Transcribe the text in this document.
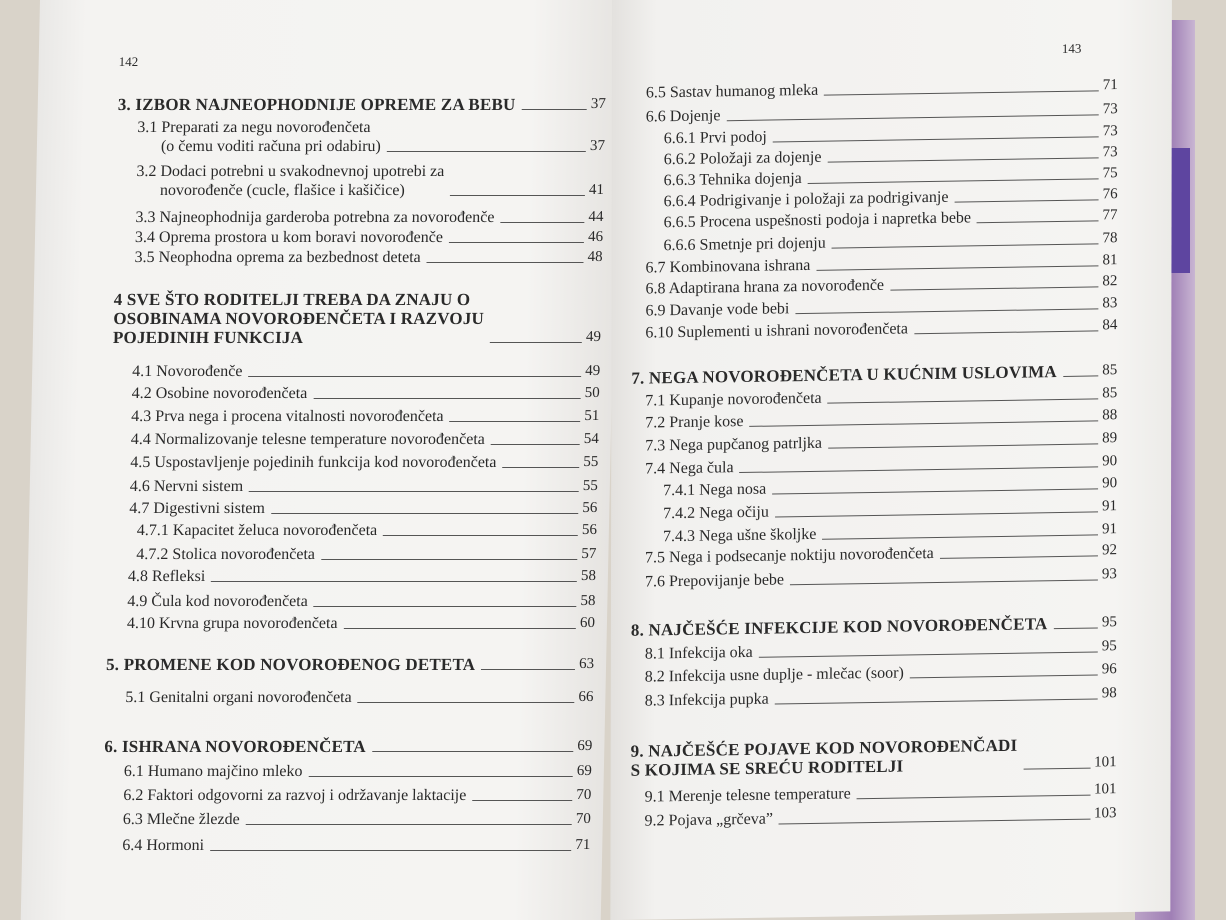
142
3. IZBOR NAJNEOPHODNIJE OPREME ZA BEBU	37
3.1 Preparati za negu novorođenčeta
(o čemu voditi računa pri odabiru)	37
3.2 Dodaci potrebni u svakodnevnoj upotrebi za
novorođenče (cucle, flašice i kašičice)	41
3.3 Najneophodnija garderoba potrebna za novorođenče	44
3.4 Oprema prostora u kom boravi novorođenče	46
3.5 Neophodna oprema za bezbednost deteta	48
4 SVE ŠTO RODITELJI TREBA DA ZNAJU O
OSOBINAMA NOVOROĐENČETA I RAZVOJU
POJEDINIH FUNKCIJA	49
4.1 Novorođenče	49
4.2 Osobine novorođenčeta	50
4.3 Prva nega i procena vitalnosti novorođenčeta	51
4.4 Normalizovanje telesne temperature novorođenčeta	54
4.5 Uspostavljenje pojedinih funkcija kod novorođenčeta	55
4.6 Nervni sistem	55
4.7 Digestivni sistem	56
4.7.1 Kapacitet želuca novorođenčeta	56
4.7.2 Stolica novorođenčeta	57
4.8 Refleksi	58
4.9 Čula kod novorođenčeta	58
4.10 Krvna grupa novorođenčeta	60
5. PROMENE KOD NOVOROĐENOG DETETA	63
5.1 Genitalni organi novorođenčeta	66
6. ISHRANA NOVOROĐENČETA	69
6.1 Humano majčino mleko	69
6.2 Faktori odgovorni za razvoj i održavanje laktacije	70
6.3 Mlečne žlezde	70
6.4 Hormoni	71
143
6.5 Sastav humanog mleka	71
6.6 Dojenje	73
6.6.1 Prvi podoj	73
6.6.2 Položaji za dojenje	73
6.6.3 Tehnika dojenja	75
6.6.4 Podrigivanje i položaji za podrigivanje	76
6.6.5 Procena uspešnosti podoja i napretka bebe	77
6.6.6 Smetnje pri dojenju	78
6.7 Kombinovana ishrana	81
6.8 Adaptirana hrana za novorođenče	82
6.9 Davanje vode bebi	83
6.10 Suplementi u ishrani novorođenčeta	84
7. NEGA NOVOROĐENČETA U KUĆNIM USLOVIMA	85
7.1 Kupanje novorođenčeta	85
7.2 Pranje kose	88
7.3 Nega pupčanog patrljka	89
7.4 Nega čula	90
7.4.1 Nega nosa	90
7.4.2 Nega očiju	91
7.4.3 Nega ušne školjke	91
7.5 Nega i podsecanje noktiju novorođenčeta	92
7.6 Prepovijanje bebe	93
8. NAJČEŠĆE INFEKCIJE KOD NOVOROĐENČETA	95
8.1 Infekcija oka	95
8.2 Infekcija usne duplje - mlečac (soor)	96
8.3 Infekcija pupka	98
9. NAJČEŠĆE POJAVE KOD NOVOROĐENČADI
S KOJIMA SE SREĆU RODITELJI	101
9.1 Merenje telesne temperature	101
9.2 Pojava „grčeva”	103
